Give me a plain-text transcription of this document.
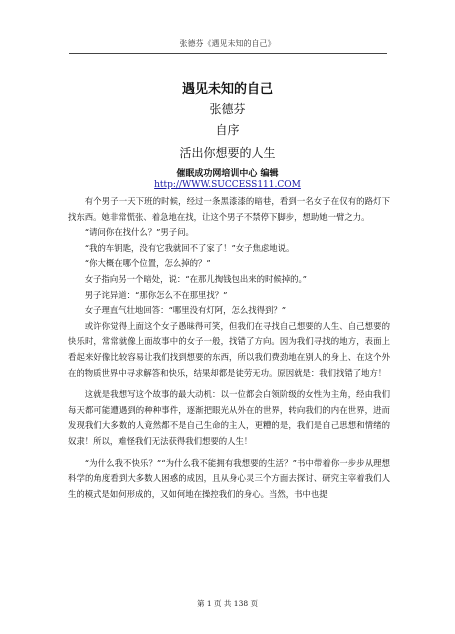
张德芬《遇见未知的自己》
遇见未知的自己
张德芬
自序
活出你想要的人生
催眠成功网培训中心 编辑
http://WWW.SUCCESS111.COM

有个男子一天下班的时候，经过一条黑漆漆的暗巷，看到一名女子在仅有的路灯下找东西。她非常慌张、着急地在找，让这个男子不禁停下脚步，想助她一臂之力。

“请问你在找什么？”男子问。

“我的车钥匙，没有它我就回不了家了！”女子焦虑地说。

“你大概在哪个位置，怎么掉的？”

女子指向另一个暗处，说：“在那儿掏钱包出来的时候掉的。”

男子诧异道：“那你怎么不在那里找？”

女子理直气壮地回答：“哪里没有灯阿，怎么找得到？”

或许你觉得上面这个女子愚昧得可笑，但我们在寻找自己想要的人生、自己想要的快乐时，常常就像上面故事中的女子一般，找错了方向。因为我们寻找的地方，表面上看起来好像比较容易让我们找到想要的东西，所以我们费劲地在别人的身上、在这个外在的物质世界中寻求解答和快乐，结果却都是徒劳无功。原因就是：我们找错了地方！

这就是我想写这个故事的最大动机：以一位都会白领阶级的女性为主角，经由我们每天都可能遭遇到的种种事件，逐渐把眼光从外在的世界，转向我们的内在世界，进而发现我们大多数的人竟然都不是自己生命的主人，更糟的是，我们是自己思想和情绪的奴隶！所以，难怪我们无法获得我们想要的人生！

“为什么我不快乐？”“为什么我不能拥有我想要的生活？”书中带着你一步步从理想科学的角度看到大多数人困惑的成因，且从身心灵三个方面去探讨、研究主宰着我们人生的模式是如何形成的，又如何地在操控我们的身心。当然，书中也提

第 1 页 共 138 页
